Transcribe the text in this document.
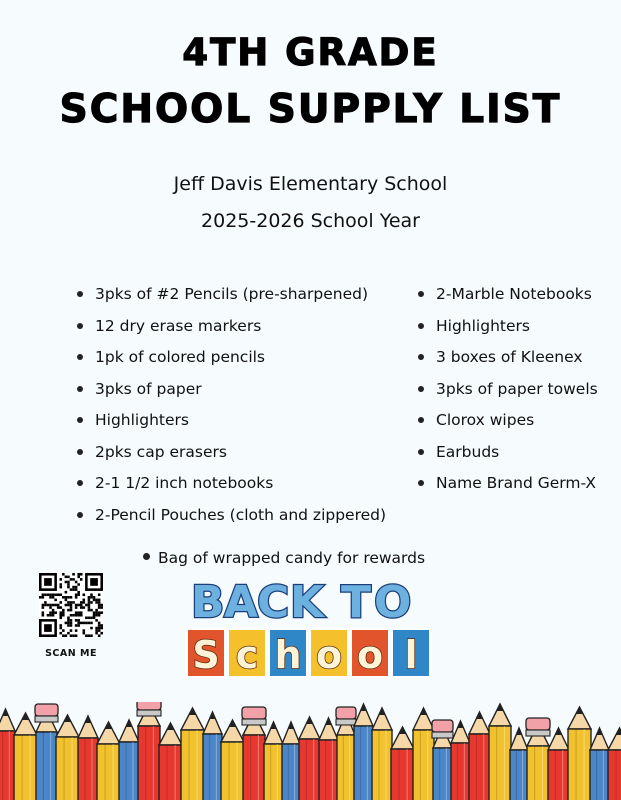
4TH GRADE
SCHOOL SUPPLY LIST
Jeff Davis Elementary School
2025-2026 School Year
3pks of #2 Pencils (pre-sharpened)
12 dry erase markers
1pk of colored pencils
3pks of paper
Highlighters
2pks cap erasers
2-1 1/2 inch notebooks
2-Pencil Pouches (cloth and zippered)
2-Marble Notebooks
Highlighters
3 boxes of Kleenex
3pks of paper towels
Clorox wipes
Earbuds
Name Brand Germ-X
Bag of wrapped candy for rewards
SCAN ME
B A
C K T O
S c h o o l
